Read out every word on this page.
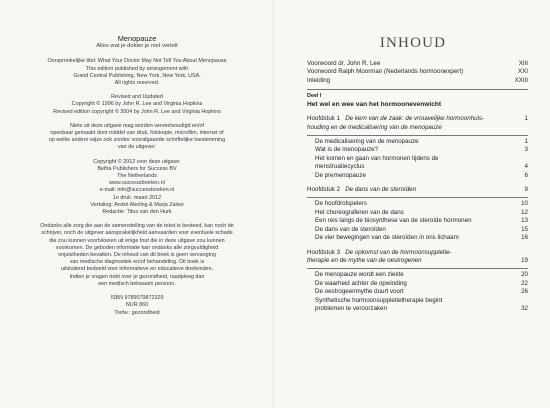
Menopauze
Alles wat je dokter je niet vertelt
Oorspronkelijke titel: What Your Doctor May Not Tell You About Menopause
This edition published by arrangement with
Grand Central Publishing, New York, New York, USA.
All rights reserved.
Revised and Updated
Copyright © 1996 by John R. Lee and Virginia Hopkins
Revised edition copyright © 2004 by John R. Lee and Virginia Hopkins
Niets uit deze uitgave mag worden verveelvoudigd en/of
openbaar gemaakt door middel van druk, fotokopie, microfilm, internet of
op welke andere wijze ook zonder voorafgaande schriftelijke toestemming
van de uitgever.
Copyright © 2012 voor deze uitgave:
Belfra Publishers for Success BV
The Netherlands
www.successboeken.nl
e-mail: info@successboeken.nl
1e druk: maart 2012
Vertaling: André Abeling & Marja Zalevi
Redactie: Titus van den Hurk
Ondanks alle zorg die aan de samenstelling van de tekst is besteed, kan noch de
schrijver, noch de uitgever aansprakelijkheid aanvaarden voor eventuele schade
die zou kunnen voortvloeien uit enige fout die in deze uitgave zou kunnen
voorkomen. De geboden informatie kan ondanks alle zorgvuldigheid
onjuistheden bevatten. De inhoud van dit boek is geen vervanging
van medische diagnostiek en/of behandeling. Dit boek is
uitsluitend bedoeld voor informatieve en educatieve doeleinden.
Indien je vragen hebt over je gezondheid, raadpleeg dan
een medisch bekwaam persoon.
ISBN 9789079872329
NUR 860
Trefw.: gezondheid
INHOUD
Voorwoord dr. John R. Lee	XIII
Voorwoord Ralph Moorman (Nederlands hormoonexpert)	XXI
Inleiding	XXIII
Deel I
Het wel en wee van het hormoonevenwicht
Hoofdstuk 1 De kern van de zaak: de vrouwelijke hormoonhuis-
houding en de medicalisering van de menopauze
1
De medicalisering van de menopauze	1
Wat is de menopauze?	3
Het komen en gaan van hormonen tijdens de
menstruatiecyclus	4
De premenopauze	6
Hoofdstuk 2 De dans van de steroïden	9
De hoofdrolspelers	10
Het choreograferen van de dans	12
Een reis langs de biosynthese van de steroïde hormonen	13
De dans van de steroïden	15
De vier bewegingen van de steroïden in ons lichaam	16
Hoofdstuk 3 De opkomst van de hormoonsuppletie-
therapie en de mythe van de oestrogenen	19
De menopauze wordt een ziekte	20
De waarheid achter de opwinding	22
De oestrogeenmythe duurt voort	26
Synthetische hormoonsuppletietherapie begint
problemen te veroorzaken	32
